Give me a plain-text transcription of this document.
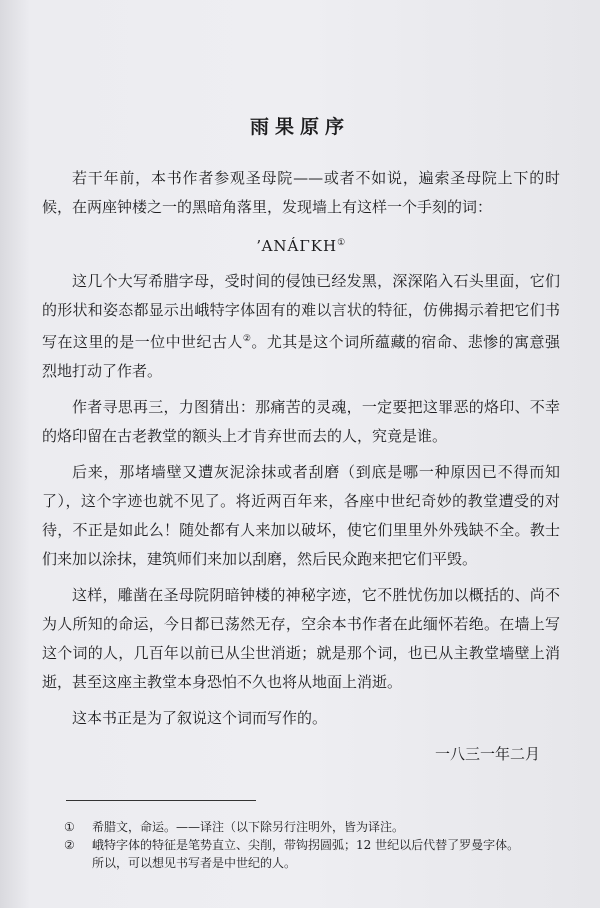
雨果原序

若干年前，本书作者参观圣母院——或者不如说，遍索圣母院上下的时候，在两座钟楼之一的黑暗角落里，发现墙上有这样一个手刻的词：

ʼΑNÁΓΚΗ①

这几个大写希腊字母，受时间的侵蚀已经发黑，深深陷入石头里面，它们的形状和姿态都显示出峨特字体固有的难以言状的特征，仿佛揭示着把它们书写在这里的是一位中世纪古人②。尤其是这个词所蕴藏的宿命、悲惨的寓意强烈地打动了作者。

作者寻思再三，力图猜出：那痛苦的灵魂，一定要把这罪恶的烙印、不幸的烙印留在古老教堂的额头上才肯弃世而去的人，究竟是谁。

后来，那堵墙壁又遭灰泥涂抹或者刮磨（到底是哪一种原因已不得而知了），这个字迹也就不见了。将近两百年来，各座中世纪奇妙的教堂遭受的对待，不正是如此么！随处都有人来加以破坏，使它们里里外外残缺不全。教士们来加以涂抹，建筑师们来加以刮磨，然后民众跑来把它们平毁。

这样，雕凿在圣母院阴暗钟楼的神秘字迹，它不胜忧伤加以概括的、尚不为人所知的命运，今日都已荡然无存，空余本书作者在此缅怀若绝。在墙上写这个词的人，几百年以前已从尘世消逝；就是那个词，也已从主教堂墙壁上消逝，甚至这座主教堂本身恐怕不久也将从地面上消逝。

这本书正是为了叙说这个词而写作的。

一八三一年二月
①	希腊文，命运。——译注（以下除另行注明外，皆为译注。
②	峨特字体的特征是笔势直立、尖削，带钩拐圆弧；12 世纪以后代替了罗曼字体。
所以，可以想见书写者是中世纪的人。
